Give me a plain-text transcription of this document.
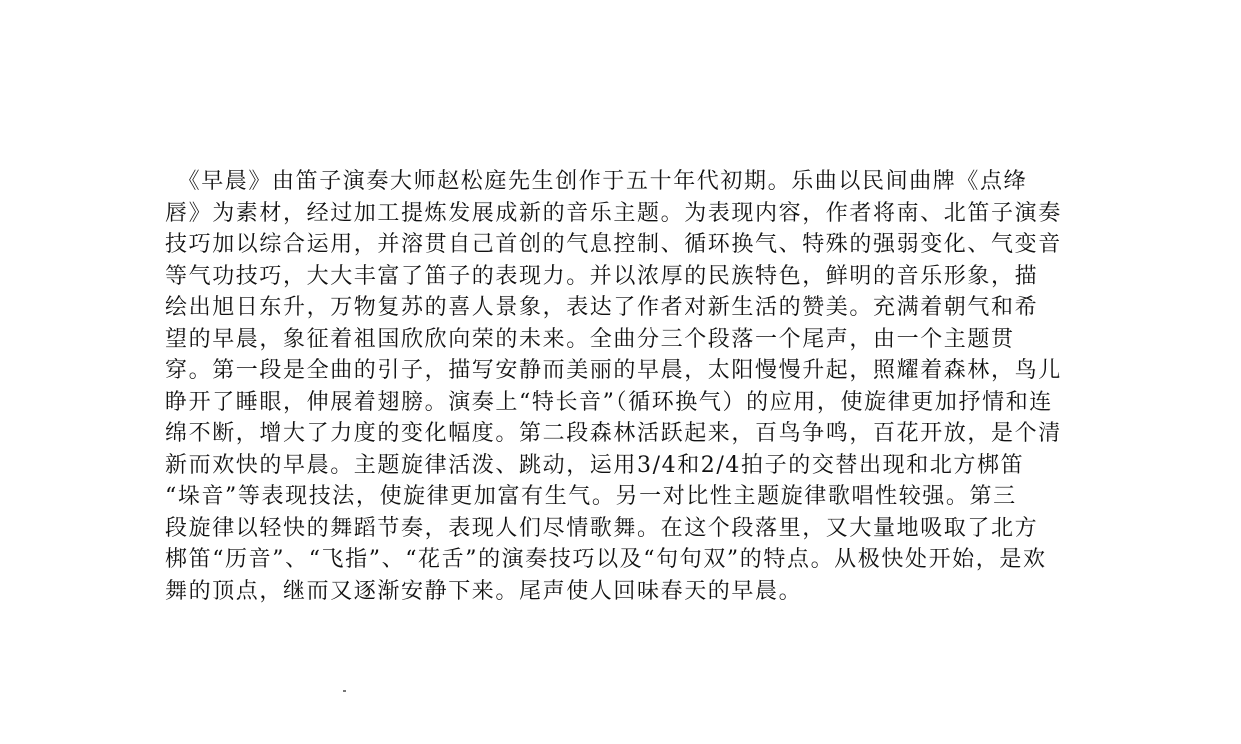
　《早晨》由笛子演奏大师赵松庭先生创作于五十年代初期。乐曲以民间曲牌《点绛
唇》为素材，经过加工提炼发展成新的音乐主题。为表现内容，作者将南、北笛子演奏
技巧加以综合运用，并溶贯自己首创的气息控制、循环换气、特殊的强弱变化、气变音
等气功技巧，大大丰富了笛子的表现力。并以浓厚的民族特色，鲜明的音乐形象，描
绘出旭日东升，万物复苏的喜人景象，表达了作者对新生活的赞美。充满着朝气和希
望的早晨，象征着祖国欣欣向荣的未来。全曲分三个段落一个尾声，由一个主题贯
穿。第一段是全曲的引子，描写安静而美丽的早晨，太阳慢慢升起，照耀着森林，鸟儿
睁开了睡眼，伸展着翅膀。演奏上“特长音”（循环换气）的应用，使旋律更加抒情和连
绵不断，增大了力度的变化幅度。第二段森林活跃起来，百鸟争鸣，百花开放，是个清
新而欢快的早晨。主题旋律活泼、跳动，运用3/4和2/4拍子的交替出现和北方梆笛
“垛音”等表现技法，使旋律更加富有生气。另一对比性主题旋律歌唱性较强。第三
段旋律以轻快的舞蹈节奏，表现人们尽情歌舞。在这个段落里，又大量地吸取了北方
梆笛“历音”、“飞指”、“花舌”的演奏技巧以及“句句双”的特点。从极快处开始，是欢
舞的顶点，继而又逐渐安静下来。尾声使人回味春天的早晨。
